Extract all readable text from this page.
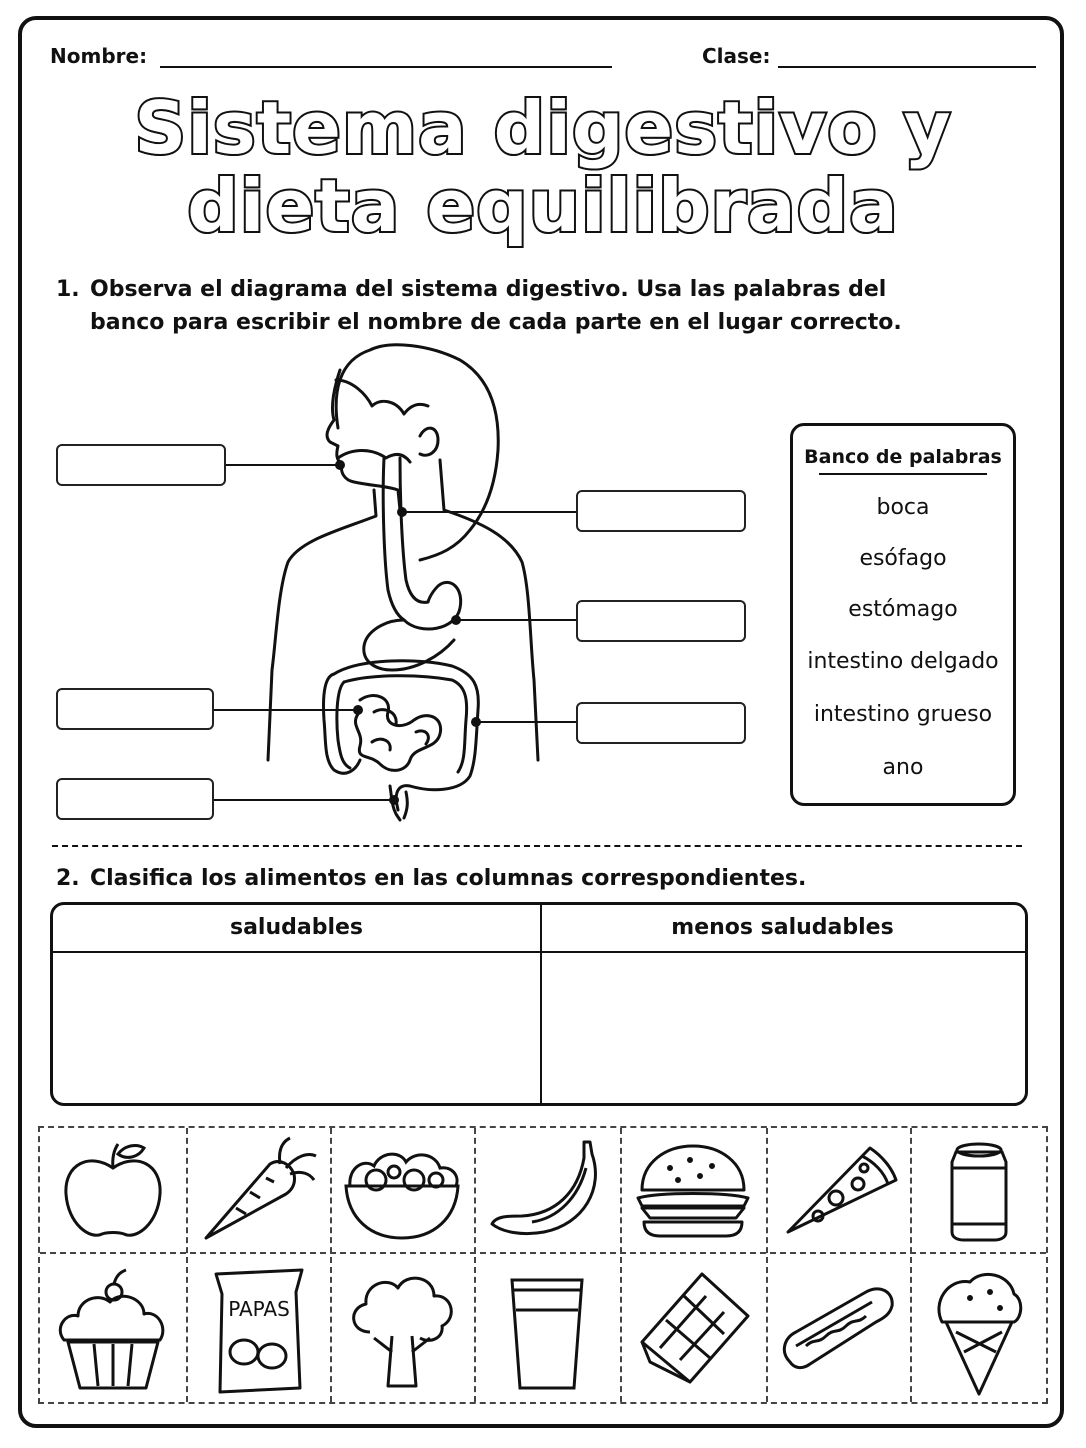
Nombre:	Clase:
Sistema digestivo y
dieta equilibrada
1. Observa el diagrama del sistema digestivo. Usa las palabras del banco para escribir el nombre de cada parte en el lugar correcto.
Banco de palabras
boca
esófago
estómago
intestino delgado
intestino grueso
ano
2. Clasifica los alimentos en las columnas correspondientes.
saludables	menos saludables
PAPAS
